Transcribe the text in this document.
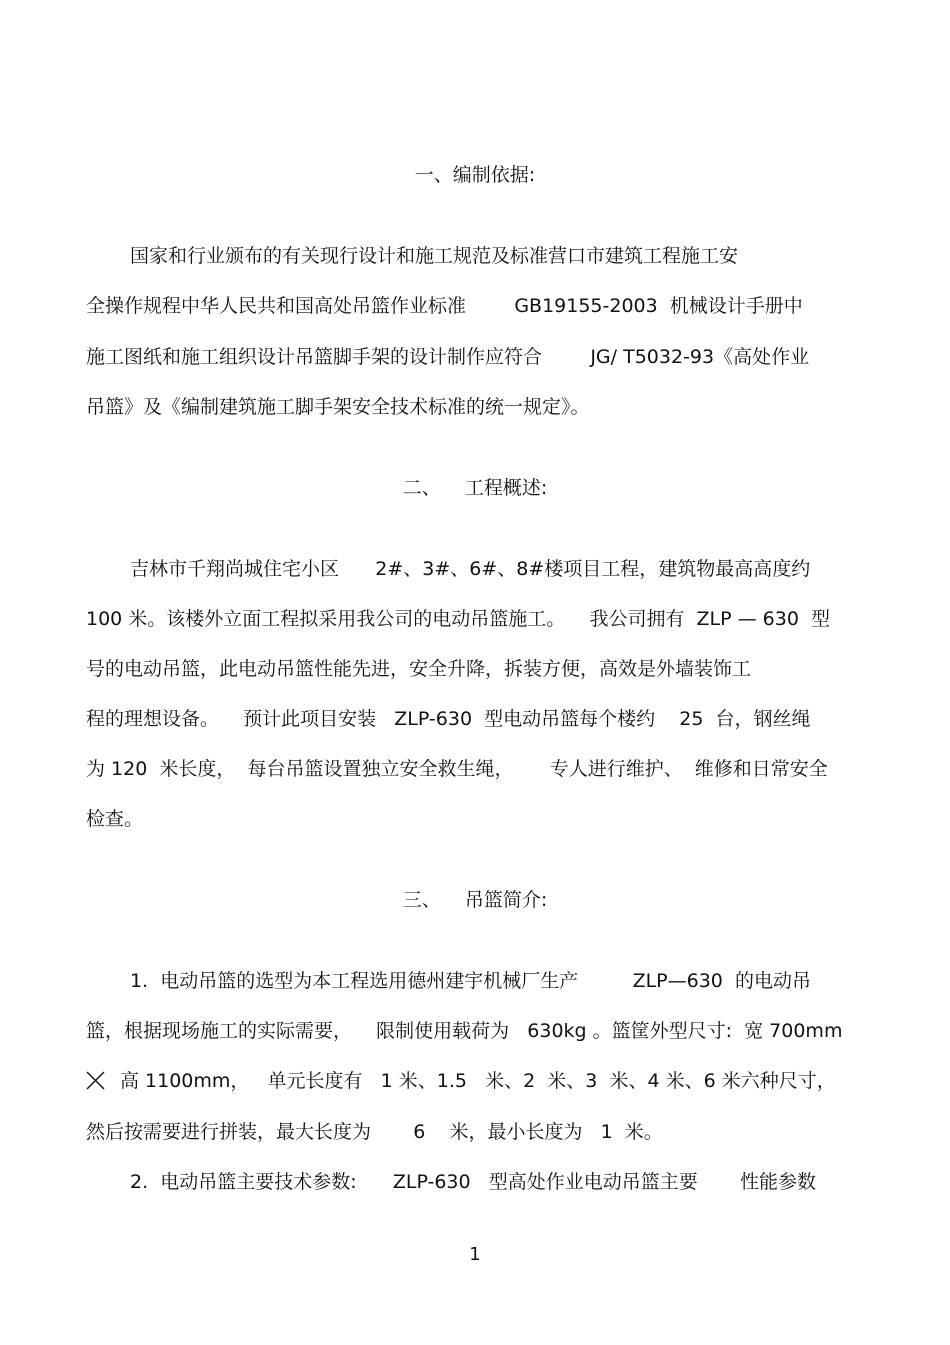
一、编制依据:
国家和行业颁布的有关现行设计和施工规范及标准营口市建筑工程施工安
全操作规程中华人民共和国高处吊篮作业标准        GB19155-2003  机械设计手册中
施工图纸和施工组织设计吊篮脚手架的设计制作应符合        JG/ T5032-93《高处作业
吊篮》及《编制建筑施工脚手架安全技术标准的统一规定》。
二、    工程概述:
吉林市千翔尚城住宅小区      2#、3#、6#、8#楼项目工程，建筑物最高高度约
100 米。该楼外立面工程拟采用我公司的电动吊篮施工。    我公司拥有  ZLP — 630  型
号的电动吊篮，此电动吊篮性能先进，安全升降，拆装方便，高效是外墙装饰工
程的理想设备。    预计此项目安装   ZLP-630  型电动吊篮每个楼约    25  台，钢丝绳
为 120  米长度，  每台吊篮设置独立安全救生绳，      专人进行维护、  维修和日常安全
检查。
三、    吊篮简介:
1.  电动吊篮的选型为本工程选用德州建宇机械厂生产         ZLP—630  的电动吊
篮，根据现场施工的实际需要，    限制使用载荷为   630kg 。篮筐外型尺寸:  宽 700mm
高 1100mm，   单元长度有   1 米、1.5   米、2  米、3  米、4 米、6 米六种尺寸，
然后按需要进行拼装，最大长度为       6    米，最小长度为   1  米。
2.  电动吊篮主要技术参数:      ZLP-630   型高处作业电动吊篮主要       性能参数
1
